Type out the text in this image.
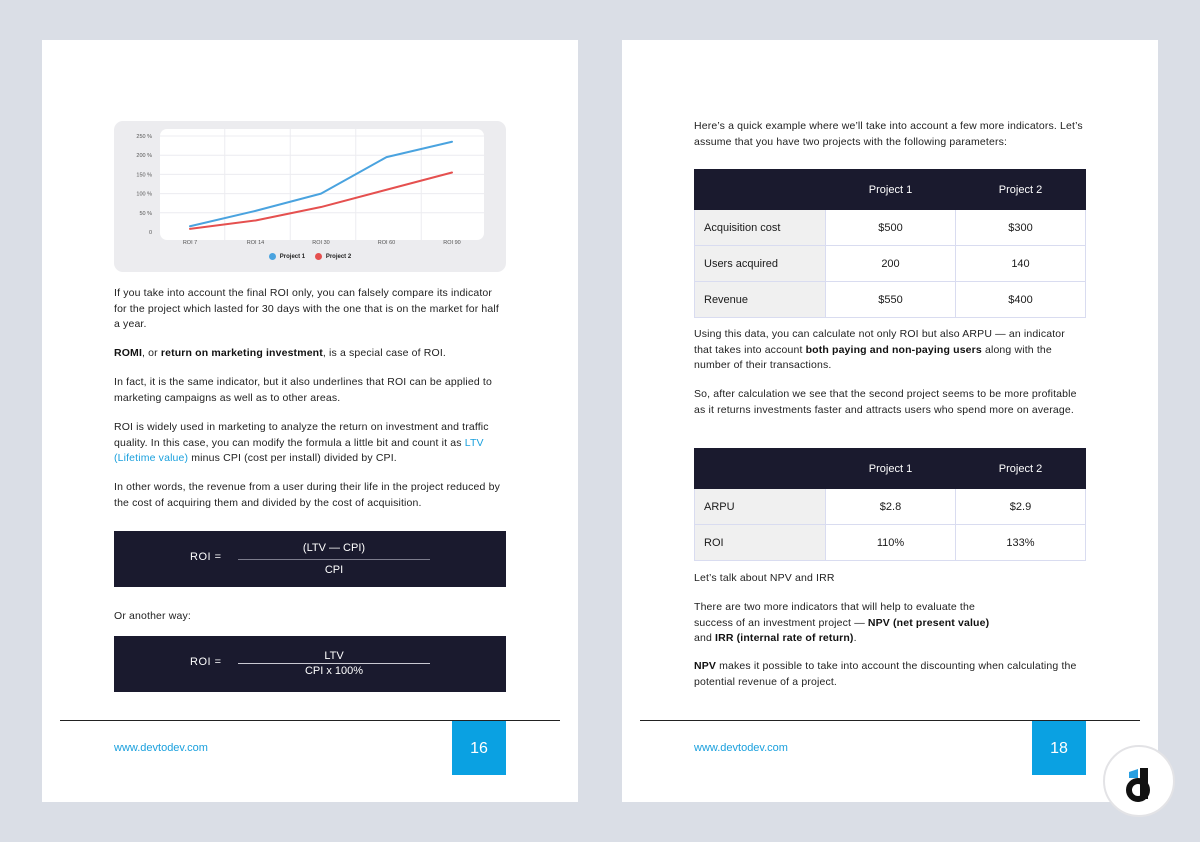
0
50 %
100 %
150 %
200 %
250 %
ROI 7	ROI 14	ROI 30	ROI 60	ROI 90
Project 1
	Project 2

If you take into account the final ROI only, you can falsely compare its indicator for the project which lasted for 30 days with the one that is on the market for half a year.

ROMI, or return on marketing investment, is a special case of ROI.

In fact, it is the same indicator, but it also underlines that ROI can be applied to marketing campaigns as well as to other areas.

ROI is widely used in marketing to analyze the return on investment and traffic quality. In this case, you can modify the formula a little bit and count it as LTV (Lifetime value) minus CPI (cost per install) divided by CPI.

In other words, the revenue from a user during their life in the project reduced by the cost of acquiring them and divided by the cost of acquisition.

ROI =
(LTV — CPI)
CPI

Or another way:

ROI =	LTV
CPI x 100%
www.devtodev.com	16

Here’s a quick example where we’ll take into account a few more indicators. Let’s assume that you have two projects with the following parameters:

	Project 1	Project 2
Acquisition cost	$500	$300
Users acquired	200	140
Revenue	$550	$400

Using this data, you can calculate not only ROI but also ARPU — an indicator that takes into account both paying and non-paying users along with the number of their transactions.

So, after calculation we see that the second project seems to be more profitable as it returns investments faster and attracts users who spend more on average.

	Project 1	Project 2
ARPU	$2.8	$2.9
ROI	110%	133%

Let’s talk about NPV and IRR

There are two more indicators that will help to evaluate the success of an investment project — NPV (net present value) and IRR (internal rate of return).

NPV makes it possible to take into account the discounting when calculating the potential revenue of a project.

www.devtodev.com	18
